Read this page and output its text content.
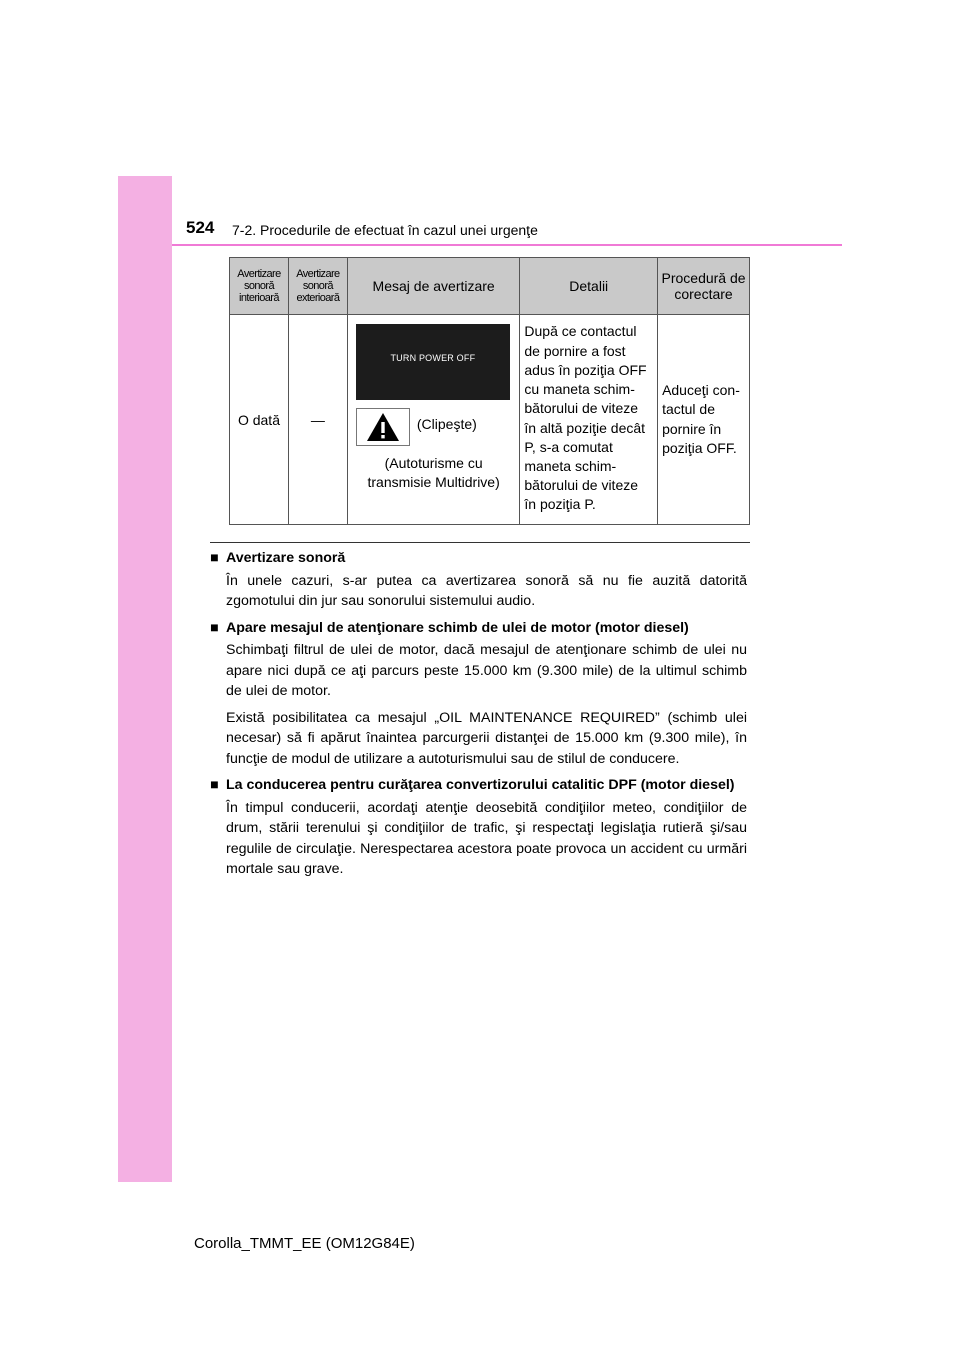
524 7-2. Procedurile de efectuat în cazul unei urgenţe
Avertizare sonoră interioară	Avertizare sonoră exterioară	Mesaj de avertizare	Detalii	Procedură de corectare
O dată	—	TURN POWER OFF
(Clipeşte)
(Autoturisme cu
transmisie Multidrive)	După ce contactul de pornire a fost adus în poziţia OFF cu maneta schim-bătorului de viteze în altă poziţie decât P, s-a comutat maneta schim-bătorului de viteze în poziţia P.	Aduceţi con-tactul de pornire în poziţia OFF.
■ Avertizare sonoră

În unele cazuri, s-ar putea ca avertizarea sonoră să nu fie auzită datorită zgomotului din jur sau sonorului sistemului audio.

■ Apare mesajul de atenţionare schimb de ulei de motor (motor diesel)

Schimbaţi filtrul de ulei de motor, dacă mesajul de atenţionare schimb de ulei nu apare nici după ce aţi parcurs peste 15.000 km (9.300 mile) de la ultimul schimb de ulei de motor.

Există posibilitatea ca mesajul „OIL MAINTENANCE REQUIRED” (schimb ulei necesar) să fi apărut înaintea parcurgerii distanţei de 15.000 km (9.300 mile), în funcţie de modul de utilizare a autoturismului sau de stilul de conducere.

■ La conducerea pentru curăţarea convertizorului catalitic DPF (motor diesel)

În timpul conducerii, acordaţi atenţie deosebită condiţiilor meteo, condiţiilor de drum, stării terenului şi condiţiilor de trafic, şi respectaţi legislaţia rutieră şi/sau regulile de circulaţie. Nerespectarea acestora poate provoca un accident cu urmări mortale sau grave.

Corolla_TMMT_EE (OM12G84E)
